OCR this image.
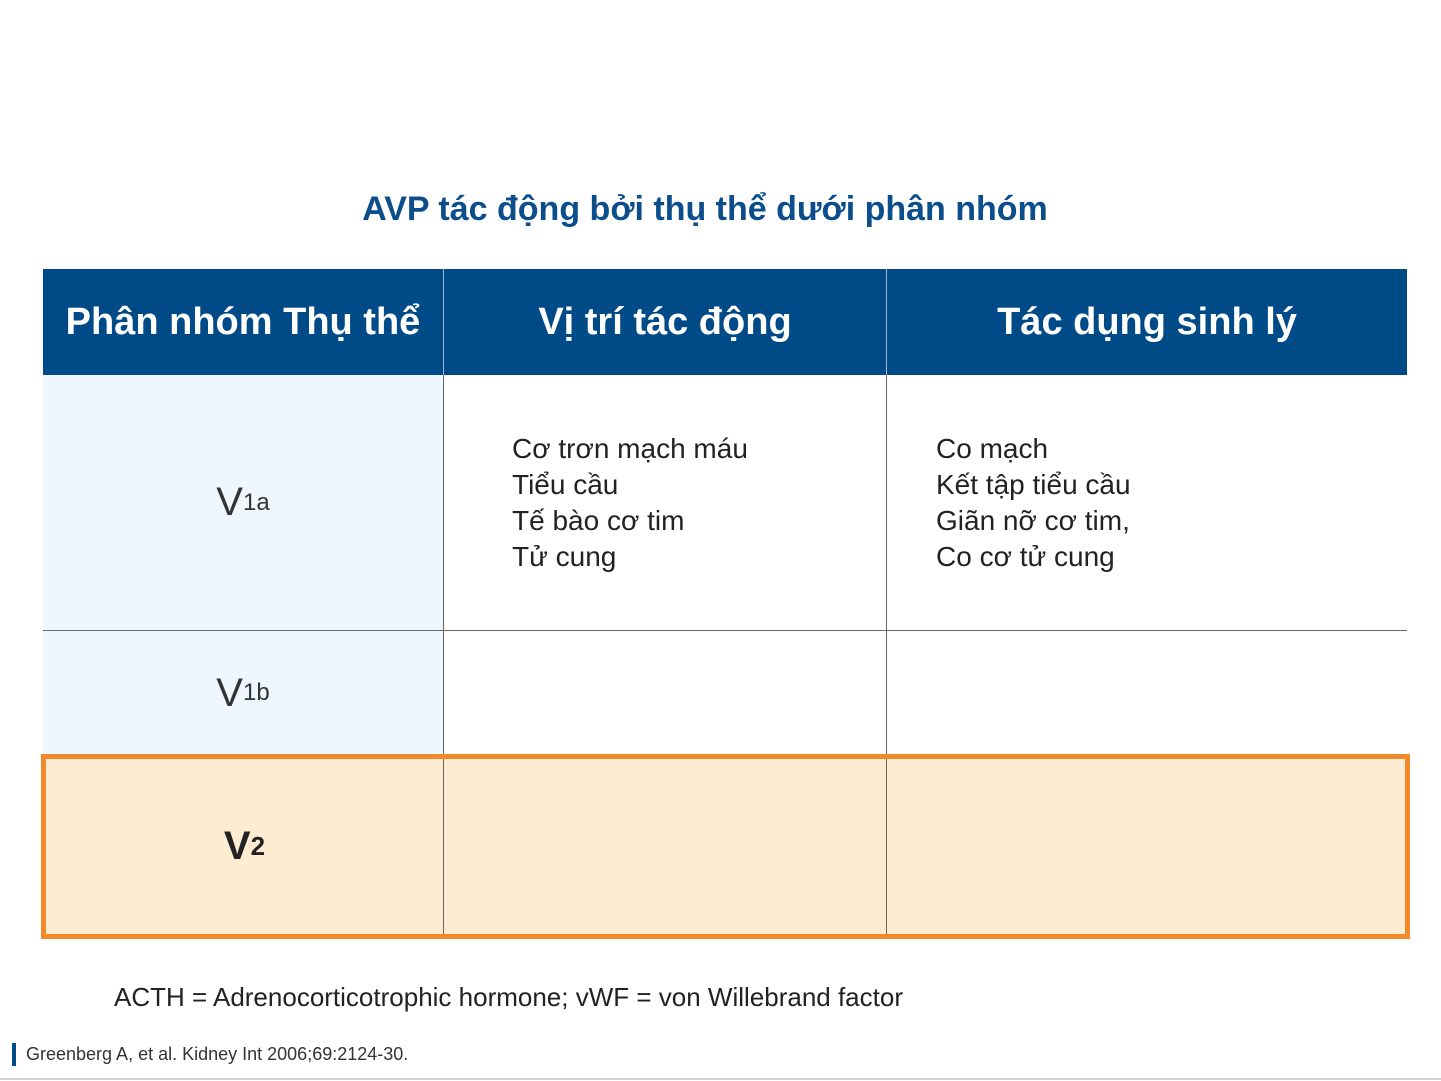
AVP tác động bởi thụ thể dưới phân nhóm
Phân nhóm Thụ thể	Vị trí tác động	Tác dụng sinh lý
V 1a
Cơ trơn mạch máu
Tiểu cầu
Tế bào cơ tim
Tử cung
Co mạch
Kết tập tiểu cầu
Giãn nỡ cơ tim,
Co cơ tử cung
V 1b
V 2
ACTH = Adrenocorticotrophic hormone; vWF = von Willebrand factor
Greenberg A, et al. Kidney Int 2006;69:2124-30.
